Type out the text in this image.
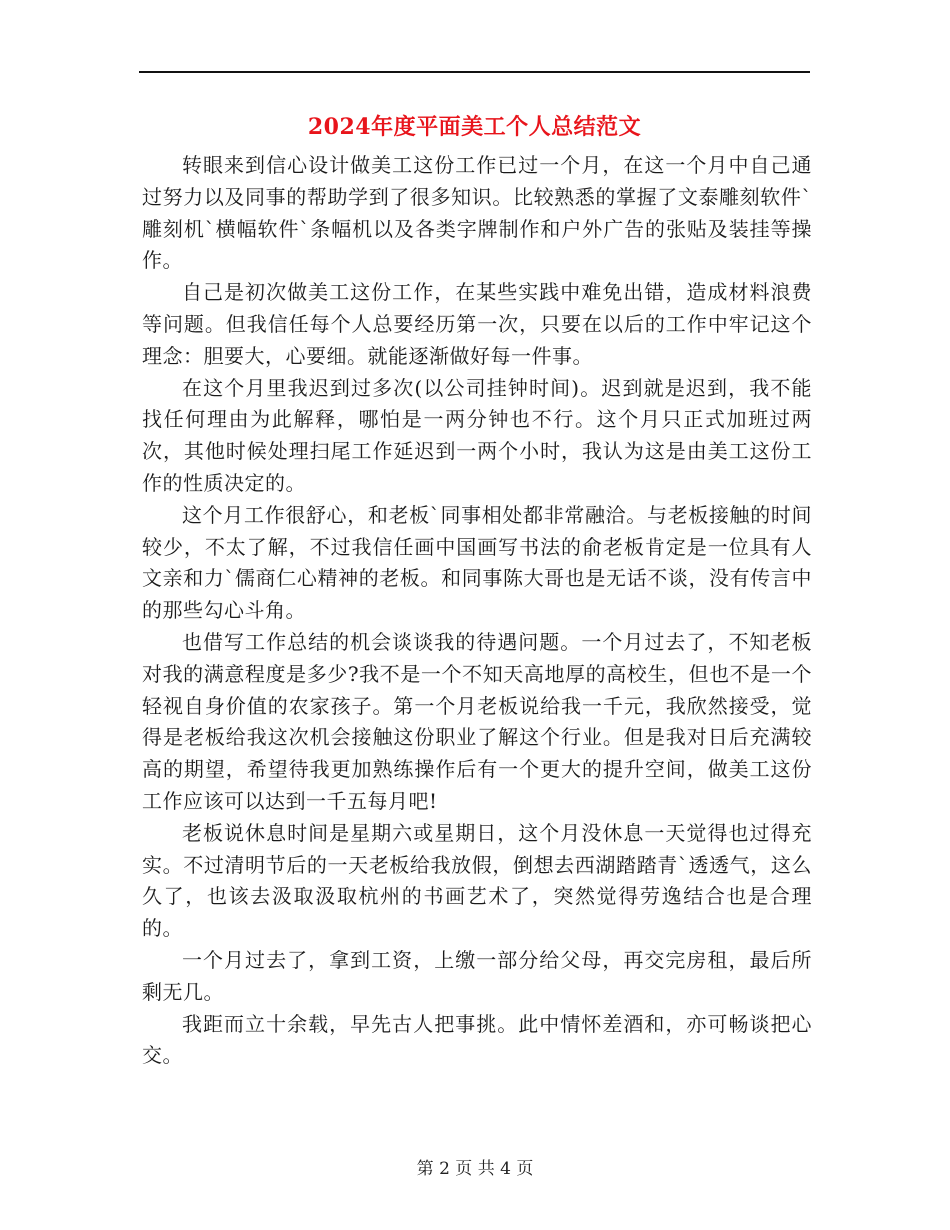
2024年度平面美工个人总结范文

转眼来到信心设计做美工这份工作已过一个月，在这一个月中自己通过努力以及同事的帮助学到了很多知识。比较熟悉的掌握了文泰雕刻软件`雕刻机`横幅软件`条幅机以及各类字牌制作和户外广告的张贴及装挂等操作。

自己是初次做美工这份工作，在某些实践中难免出错，造成材料浪费等问题。但我信任每个人总要经历第一次，只要在以后的工作中牢记这个理念：胆要大，心要细。就能逐渐做好每一件事。

在这个月里我迟到过多次(以公司挂钟时间)。迟到就是迟到，我不能找任何理由为此解释，哪怕是一两分钟也不行。这个月只正式加班过两次，其他时候处理扫尾工作延迟到一两个小时，我认为这是由美工这份工作的性质决定的。

这个月工作很舒心，和老板`同事相处都非常融洽。与老板接触的时间较少，不太了解，不过我信任画中国画写书法的俞老板肯定是一位具有人文亲和力`儒商仁心精神的老板。和同事陈大哥也是无话不谈，没有传言中的那些勾心斗角。

也借写工作总结的机会谈谈我的待遇问题。一个月过去了，不知老板对我的满意程度是多少?我不是一个不知天高地厚的高校生，但也不是一个轻视自身价值的农家孩子。第一个月老板说给我一千元，我欣然接受，觉得是老板给我这次机会接触这份职业了解这个行业。但是我对日后充满较高的期望，希望待我更加熟练操作后有一个更大的提升空间，做美工这份工作应该可以达到一千五每月吧!

老板说休息时间是星期六或星期日，这个月没休息一天觉得也过得充实。不过清明节后的一天老板给我放假，倒想去西湖踏踏青`透透气，这么久了，也该去汲取汲取杭州的书画艺术了，突然觉得劳逸结合也是合理的。

一个月过去了，拿到工资，上缴一部分给父母，再交完房租，最后所剩无几。

我距而立十余载，早先古人把事挑。此中情怀差酒和，亦可畅谈把心交。

第 2 页 共 4 页
